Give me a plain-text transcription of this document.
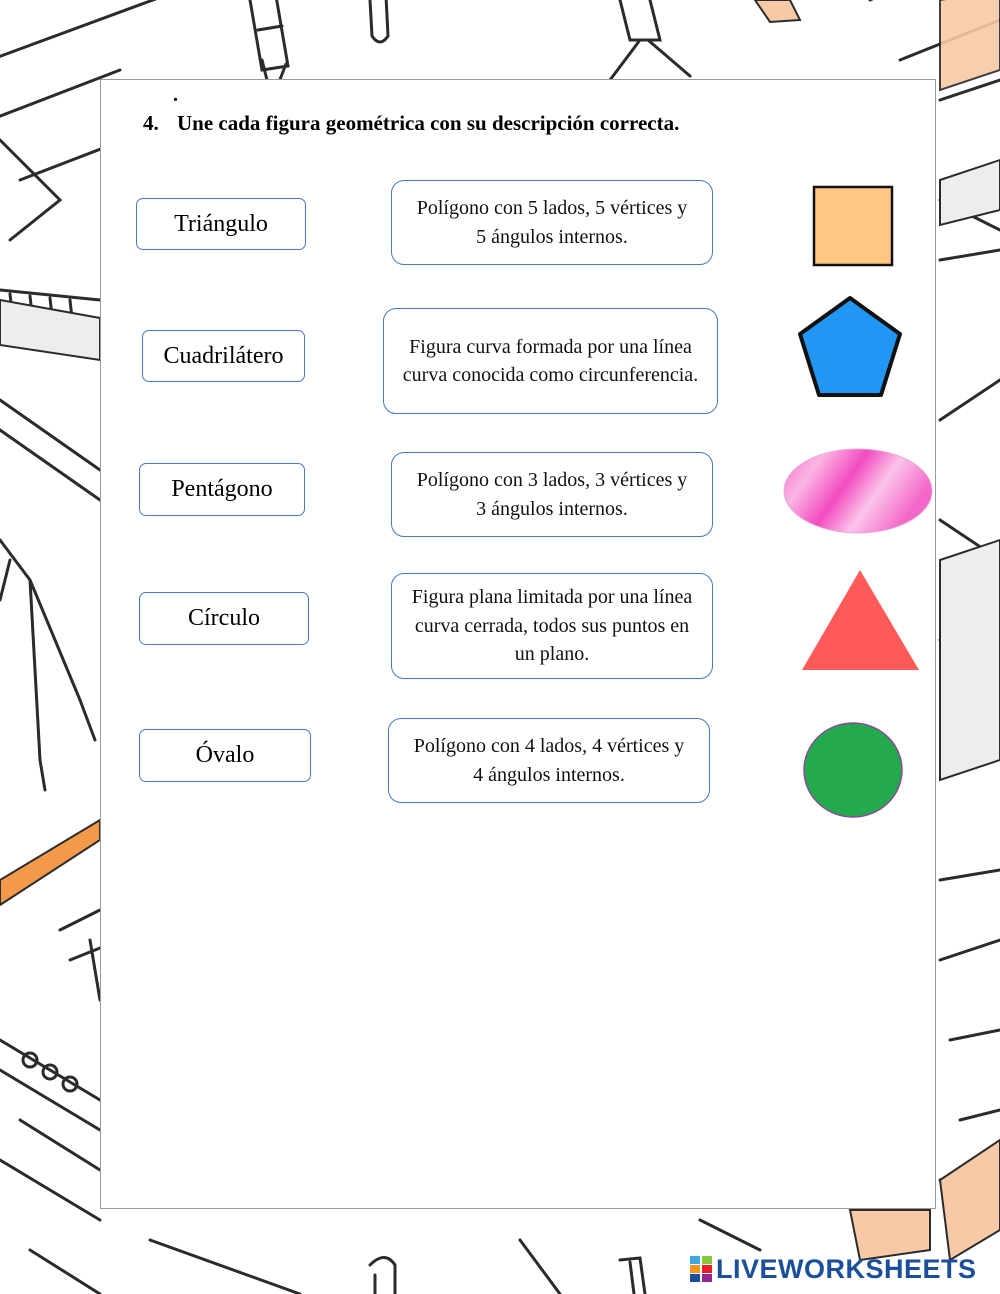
.
4. Une cada figura geométrica con su descripción correcta.
Triángulo
Cuadrilátero
Pentágono
Círculo
Óvalo
Polígono con 5 lados, 5 vértices y 5 ángulos internos.
Figura curva formada por una línea curva conocida como circunferencia.
Polígono con 3 lados, 3 vértices y 3 ángulos internos.
Figura plana limitada por una línea curva cerrada, todos sus puntos en un plano.
Polígono con 4 lados, 4 vértices y 4 ángulos internos.
LIVEWORKSHEETS
